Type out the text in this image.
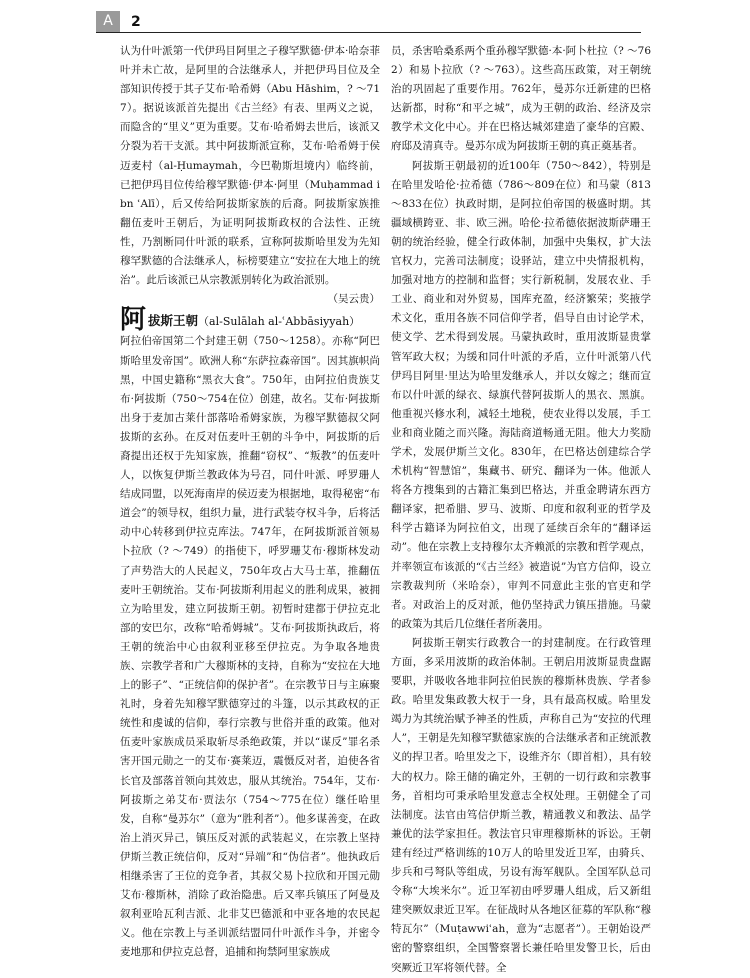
A	2

认为什叶派第一代伊玛目阿里之子穆罕默德·伊本·哈奈菲叶并未亡故，是阿里的合法继承人，并把伊玛目位及全部知识传授于其子艾布·哈希姆（Abu Hāshim，? ～717）。据说该派首先提出《古兰经》有表、里两义之说，而隐含的“里义”更为重要。艾布·哈希姆去世后，该派又分裂为若干支派。其中阿拔斯派宣称，艾布·哈希姆于侯迈麦村（al-Ḥumaymah，今巴勒斯坦境内）临终前，已把伊玛目位传给穆罕默德·伊本·阿里（Muḥammad ibn ʿAlī），后又传给阿拔斯家族的后裔。阿拔斯家族推翻伍麦叶王朝后，为证明阿拔斯政权的合法性、正统性，乃割断同什叶派的联系，宣称阿拔斯哈里发为先知穆罕默德的合法继承人，标榜要建立“安拉在大地上的统治”。此后该派已从宗教派别转化为政治派别。
（吴云贵）

阿拔斯王朝（al-Sulālah al-ʿAbbāsiyyah）

阿拉伯帝国第二个封建王朝（750～1258）。亦称“阿巴斯哈里发帝国”。欧洲人称“东萨拉森帝国”。因其旗帜尚黑，中国史籍称“黑衣大食”。750年，由阿拉伯贵族艾布·阿拔斯（750～754在位）创建，故名。艾布·阿拔斯出身于麦加古莱什部落哈希姆家族，为穆罕默德叔父阿拔斯的玄孙。在反对伍麦叶王朝的斗争中，阿拔斯的后裔提出还权于先知家族，推翻“窃权”、“叛教”的伍麦叶人，以恢复伊斯兰教政体为号召，同什叶派、呼罗珊人结成同盟，以死海南岸的侯迈麦为根据地，取得秘密“布道会”的领导权，组织力量，进行武装夺权斗争，后将活动中心转移到伊拉克库法。747年，在阿拔斯派首领易卜拉欣（? ～749）的指使下，呼罗珊艾布·穆斯林发动了声势浩大的人民起义，750年攻占大马士革，推翻伍麦叶王朝统治。艾布·阿拔斯利用起义的胜利成果，被拥立为哈里发，建立阿拔斯王朝。初暂时建都于伊拉克北部的安巴尔，改称“哈希姆城”。艾布·阿拔斯执政后，将王朝的统治中心由叙利亚移至伊拉克。为争取各地贵族、宗教学者和广大穆斯林的支持，自称为“安拉在大地上的影子”、“正统信仰的保护者”。在宗教节日与主麻聚礼时，身着先知穆罕默德穿过的斗篷，以示其政权的正统性和虔诚的信仰，奉行宗教与世俗并重的政策。他对伍麦叶家族成员采取斩尽杀绝政策，并以“谋反”罪名杀害开国元勋之一的艾布·赛莱迈，震慑反对者，迫使各省长官及部落首领向其效忠，服从其统治。754年，艾布·阿拔斯之弟艾布·贾法尔（754～775在位）继任哈里发，自称“曼苏尔”（意为“胜利者”）。他多谋善变，在政治上消灭异己，镇压反对派的武装起义，在宗教上坚持伊斯兰教正统信仰，反对“异端”和“伪信者”。他执政后相继杀害了王位的竞争者，其叔父易卜拉欣和开国元勋艾布·穆斯林，消除了政治隐患。后又率兵镇压了阿曼及叙利亚哈瓦利吉派、北非艾巴德派和中亚各地的农民起义。他在宗教上与圣训派结盟同什叶派作斗争，并密令麦地那和伊拉克总督，追捕和拘禁阿里家族成

员，杀害哈桑系两个重孙穆罕默德·本·阿卜杜拉（? ～762）和易卜拉欣（? ～763）。这些高压政策，对王朝统治的巩固起了重要作用。762年，曼苏尔迁新建的巴格达新都，时称“和平之城”，成为王朝的政治、经济及宗教学术文化中心。并在巴格达城郊建造了豪华的宫殿、府邸及清真寺。曼苏尔成为阿拔斯王朝的真正奠基者。

阿拔斯王朝最初的近100年（750～842），特别是在哈里发哈伦·拉希德（786～809在位）和马蒙（813～833在位）执政时期，是阿拉伯帝国的极盛时期。其疆域横跨亚、非、欧三洲。哈伦·拉希德依据波斯萨珊王朝的统治经验，健全行政体制，加强中央集权，扩大法官权力，完善司法制度；设驿站，建立中央情报机构，加强对地方的控制和监督；实行新税制，发展农业、手工业、商业和对外贸易，国库充盈，经济繁荣；奖掖学术文化，重用各族不同信仰学者，倡导自由讨论学术，使文学、艺术得到发展。马蒙执政时，重用波斯显贵掌管军政大权；为缓和同什叶派的矛盾，立什叶派第八代伊玛目阿里·里达为哈里发继承人，并以女嫁之；继而宣布以什叶派的绿衣、绿旗代替阿拔斯人的黑衣、黑旗。他重视兴修水利，减轻土地税，使农业得以发展，手工业和商业随之而兴隆。海陆商道畅通无阻。他大力奖励学术，发展伊斯兰文化。830年，在巴格达创建综合学术机构“智慧馆”，集藏书、研究、翻译为一体。他派人将各方搜集到的古籍汇集到巴格达，并重金聘请东西方翻译家，把希腊、罗马、波斯、印度和叙利亚的哲学及科学古籍译为阿拉伯文，出现了延续百余年的“翻译运动”。他在宗教上支持穆尔太齐赖派的宗教和哲学观点，并率领宣布该派的“《古兰经》被造说”为官方信仰，设立宗教裁判所（米哈奈），审判不同意此主张的官吏和学者。对政治上的反对派，他仍坚持武力镇压措施。马蒙的政策为其后几位继任者所袭用。

阿拔斯王朝实行政教合一的封建制度。在行政管理方面，多采用波斯的政治体制。王朝启用波斯显贵盘踞要职，并吸收各地非阿拉伯民族的穆斯林贵族、学者参政。哈里发集政教大权于一身，具有最高权威。哈里发竭力为其统治赋予神圣的性质，声称自己为“安拉的代理人”，王朝是先知穆罕默德家族的合法继承者和正统派教义的捍卫者。哈里发之下，设维齐尔（即首相），具有较大的权力。除王储的确定外，王朝的一切行政和宗教事务，首相均可秉承哈里发意志全权处理。王朝健全了司法制度。法官由笃信伊斯兰教，精通教义和教法、品学兼优的法学家担任。教法官只审理穆斯林的诉讼。王朝建有经过严格训练的10万人的哈里发近卫军，由骑兵、步兵和弓弩队等组成，另设有海军舰队。全国军队总司令称“大埃米尔”。近卫军初由呼罗珊人组成，后又新组建突厥奴隶近卫军。在征战时从各地区征募的军队称“穆特瓦尔”（Muṭawwiʿah，意为“志愿者”）。王朝始设严密的警察组织，全国警察署长兼任哈里发警卫长，后由突厥近卫军将领代替。全
